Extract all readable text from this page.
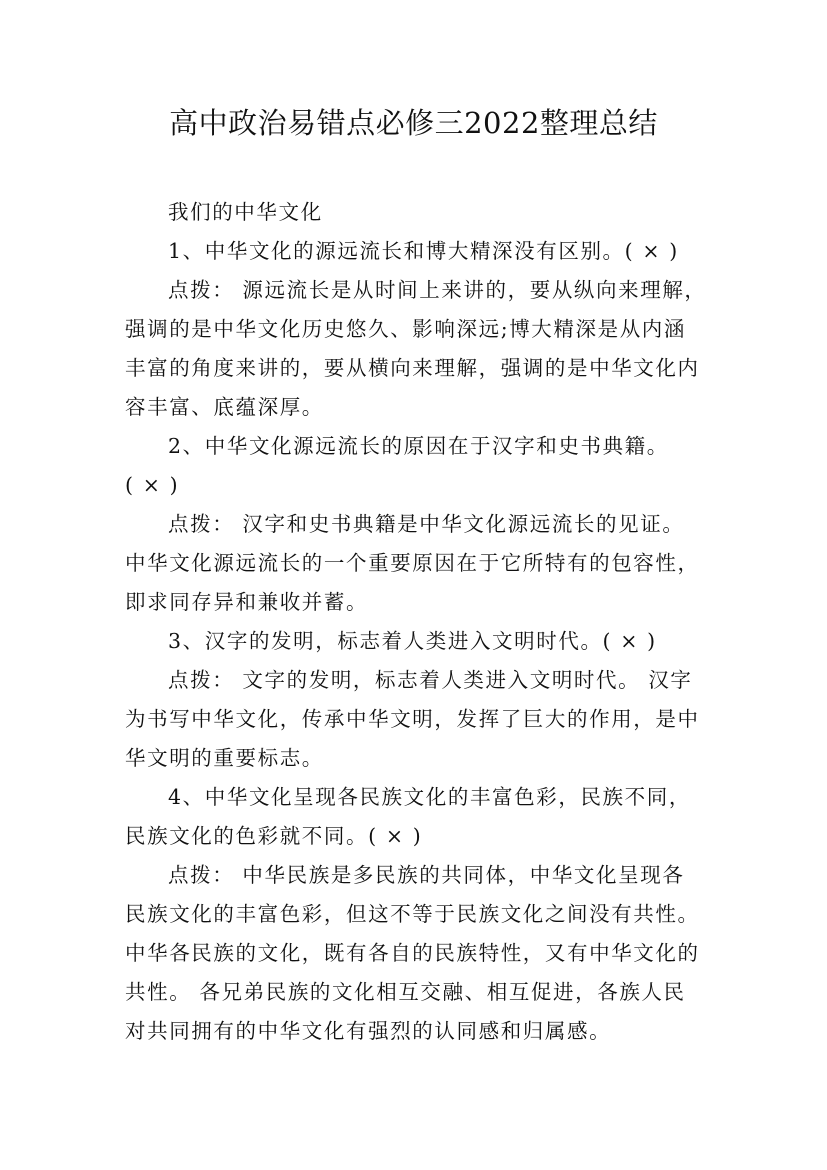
高中政治易错点必修三2022整理总结
我们的中华文化
1、中华文化的源远流长和博大精深没有区别。( × )
点拨： 源远流长是从时间上来讲的，要从纵向来理解，
强调的是中华文化历史悠久、影响深远;博大精深是从内涵
丰富的角度来讲的，要从横向来理解，强调的是中华文化内
容丰富、底蕴深厚。
2、中华文化源远流长的原因在于汉字和史书典籍。
( × )
点拨： 汉字和史书典籍是中华文化源远流长的见证。
中华文化源远流长的一个重要原因在于它所特有的包容性，
即求同存异和兼收并蓄。
3、汉字的发明，标志着人类进入文明时代。( × )
点拨： 文字的发明，标志着人类进入文明时代。 汉字
为书写中华文化，传承中华文明，发挥了巨大的作用，是中
华文明的重要标志。
4、中华文化呈现各民族文化的丰富色彩，民族不同，
民族文化的色彩就不同。( × )
点拨： 中华民族是多民族的共同体，中华文化呈现各
民族文化的丰富色彩，但这不等于民族文化之间没有共性。
中华各民族的文化，既有各自的民族特性，又有中华文化的
共性。 各兄弟民族的文化相互交融、相互促进，各族人民
对共同拥有的中华文化有强烈的认同感和归属感。
